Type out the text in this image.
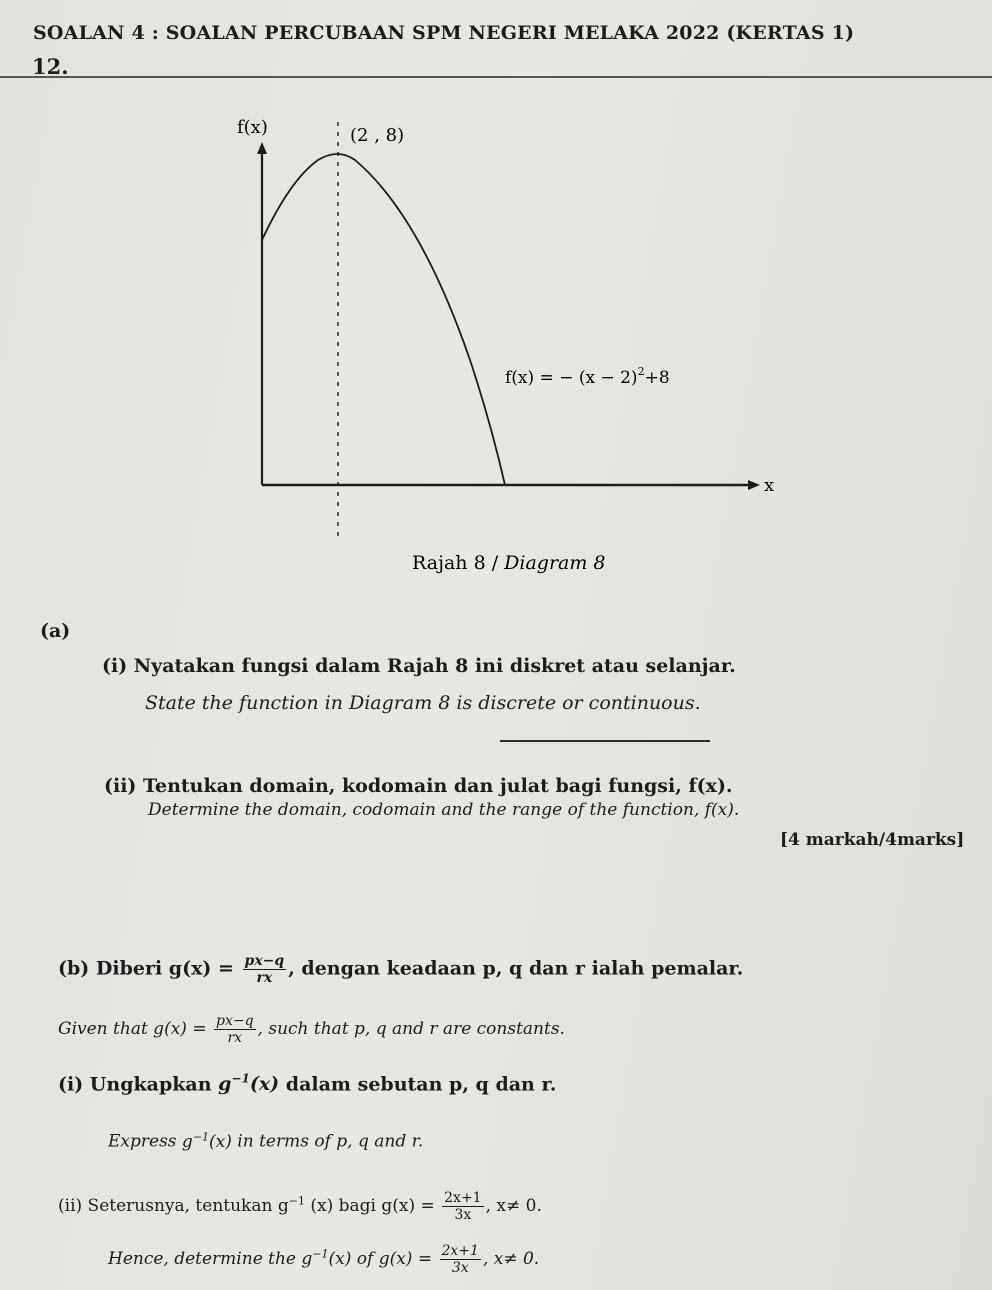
SOALAN 4 : SOALAN PERCUBAAN SPM NEGERI MELAKA 2022 (KERTAS 1)
12.
f(x)
x
(2 , 8)
f(x) = − $(x - 2)^2+8$
Rajah 8 / Diagram 8
(a)
(i) Nyatakan fungsi dalam Rajah 8 ini diskret atau selanjar.
State the function in Diagram 8 is discrete or continuous.
(ii) Tentukan domain, kodomain dan julat bagi fungsi, f(x).
Determine the domain, codomain and the range of the function, f(x).
[4 markah/4marks]
(b) Diberi $g(x) = \frac{px-q}{rx}$ , dengan keadaan p, q dan r ialah pemalar.
Given that $g(x) = \frac{px-q}{rx}$ , such that p, q and r are constants.
(i) Ungkapkan $g^{-1}(x)$ dalam sebutan p, q dan r.
Express $g^{-1}(x)$ in terms of p, q and r.
(ii) Seterusnya, tentukan $g^{-1}$ (x) bagi $g(x) = \frac{2x+1}{3x}$ , x≠ 0.
Hence, determine the $g^{-1}(x)$ of $g(x) = \frac{2x+1}{3x}$ , x≠ 0.
